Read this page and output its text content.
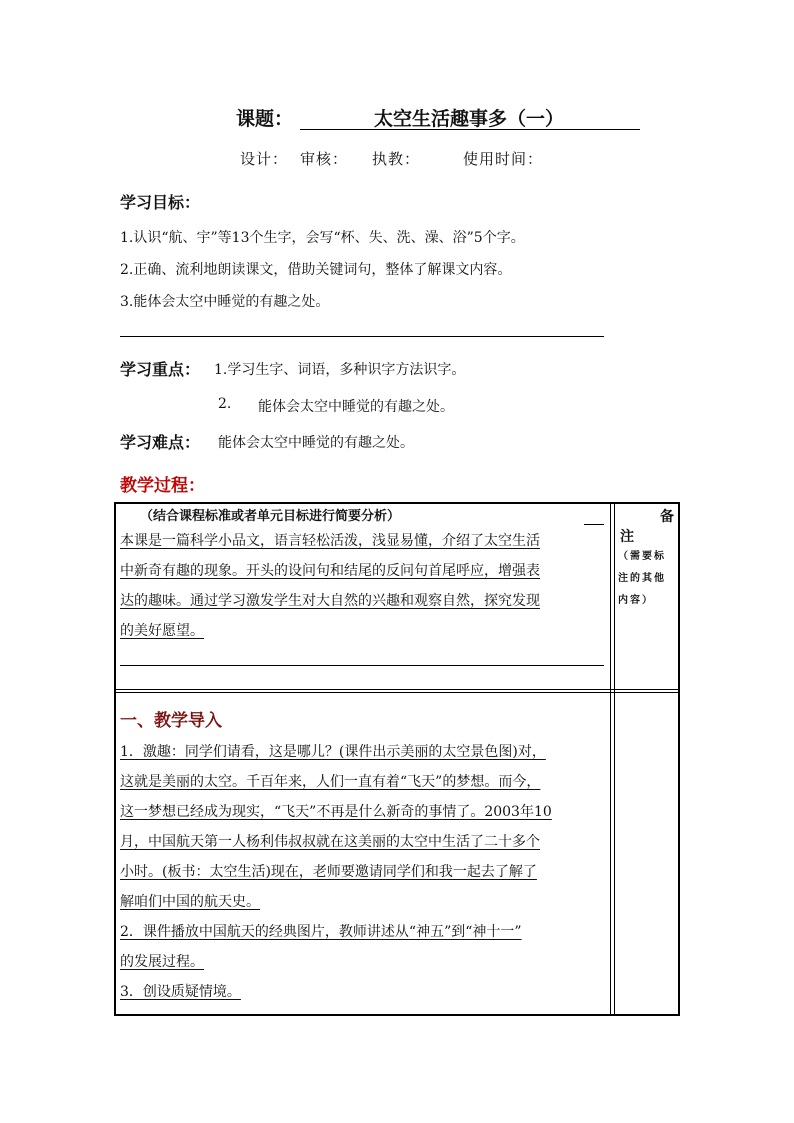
课题：	太空生活趣事多（一）
设计： 审核： 执教：	使用时间：
学习目标：
1.认识“航、宇”等13个生字，会写“杯、失、洗、澡、浴”5个字。
2.正确、流利地朗读课文，借助关键词句，整体了解课文内容。
3.能体会太空中睡觉的有趣之处。
学习重点： 1.学习生字、词语，多种识字方法识字。
2. 能体会太空中睡觉的有趣之处。
学习难点： 能体会太空中睡觉的有趣之处。
教学过程：
（结合课程标准或者单元目标进行简要分析）
本课是一篇科学小品文，语言轻松活泼，浅显易懂，介绍了太空生活
中新奇有趣的现象。开头的设问句和结尾的反问句首尾呼应，增强表
达的趣味。通过学习激发学生对大自然的兴趣和观察自然，探究发现
的美好愿望。
备
注
（需要标
注的其他
内容）
一、教学导入
1．激趣：同学们请看，这是哪儿？(课件出示美丽的太空景色图)对，
这就是美丽的太空。千百年来，人们一直有着“飞天”的梦想。而今，
这一梦想已经成为现实，“飞天”不再是什么新奇的事情了。2003年10
月，中国航天第一人杨利伟叔叔就在这美丽的太空中生活了二十多个
小时。(板书：太空生活)现在，老师要邀请同学们和我一起去了解了
解咱们中国的航天史。
2．课件播放中国航天的经典图片，教师讲述从“神五”到“神十一”
的发展过程。
3．创设质疑情境。
